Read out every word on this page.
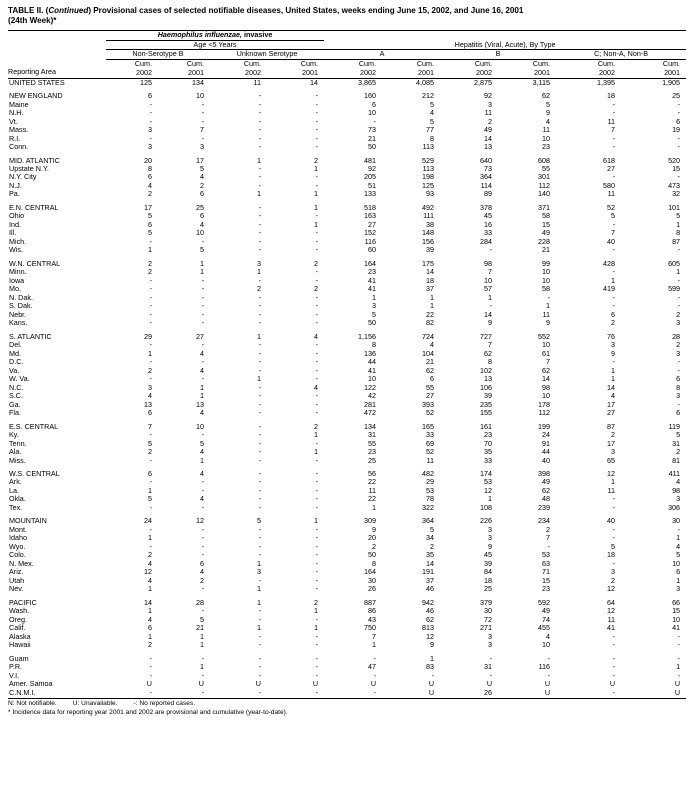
TABLE II. (Continued) Provisional cases of selected notifiable diseases, United States, weeks ending June 15, 2002, and June 16, 2001
(24th Week)*
	Haemophilus influenzae, invasive									
	Age <5 Years				Hepatitis (Viral, Acute), By Type					
	Non-Serotype B		Unknown Serotype		A		B		C; Non-A, Non-B	
	Cum.	Cum.	Cum.	Cum.	Cum.	Cum.	Cum.	Cum.	Cum.	Cum.
Reporting Area	2002	2001	2002	2001	2002	2001	2002	2001	2002	2001
UNITED STATES	125	134	11	14	3,865	4,085	2,875	3,115	1,395	1,905
NEW ENGLAND	6	10	-	-	160	212	92	62	18	25
Maine	-	-	-	-	6	5	3	5	-	-
N.H.	-	-	-	-	10	4	11	9	-	-
Vt.	-	-	-	-	-	5	2	4	11	6
Mass.	3	7	-	-	73	77	49	11	7	19
R.I.	-	-	-	-	21	8	14	10	-	-
Conn.	3	3	-	-	50	113	13	23	-	-
MID. ATLANTIC	20	17	1	2	481	529	640	608	618	520
Upstate N.Y.	8	5	-	1	92	113	73	55	27	15
N.Y. City	6	4	-	-	205	198	364	301	-	-
N.J.	4	2	-	-	51	125	114	112	580	473
Pa.	2	6	1	1	133	93	89	140	11	32
E.N. CENTRAL	17	25	-	1	518	492	378	371	52	101
Ohio	5	6	-	-	163	111	45	58	5	5
Ind.	6	4	-	1	27	38	16	15	-	1
Ill.	5	10	-	-	152	148	33	49	7	8
Mich.	-	-	-	-	116	156	284	228	40	87
Wis.	1	5	-	-	60	39	-	21	-	-
W.N. CENTRAL	2	1	3	2	164	175	98	99	428	605
Minn.	2	1	1	-	23	14	7	10	-	1
Iowa	-	-	-	-	41	18	10	10	1	-
Mo.	-	-	2	2	41	37	57	58	419	599
N. Dak.	-	-	-	-	1	1	1	-	-	-
S. Dak.	-	-	-	-	3	1	-	1	-	-
Nebr.	-	-	-	-	5	22	14	11	6	2
Kans.	-	-	-	-	50	82	9	9	2	3
S. ATLANTIC	29	27	1	4	1,156	724	727	552	76	28
Del.	-	-	-	-	8	4	7	10	3	2
Md.	1	4	-	-	136	104	62	61	9	3
D.C.	-	-	-	-	44	21	8	7	-	-
Va.	2	4	-	-	41	62	102	62	1	-
W. Va.	-	-	1	-	10	6	13	14	1	6
N.C.	3	1	-	4	122	55	106	98	14	8
S.C.	4	1	-	-	42	27	39	10	4	3
Ga.	13	13	-	-	281	393	235	178	17	-
Fla.	6	4	-	-	472	52	155	112	27	6
E.S. CENTRAL	7	10	-	2	134	165	161	199	87	119
Ky.	-	-	-	1	31	33	23	24	2	5
Tenn.	5	5	-	-	55	69	70	91	17	31
Ala.	2	4	-	1	23	52	35	44	3	2
Miss.	-	1	-	-	25	11	33	40	65	81
W.S. CENTRAL	6	4	-	-	56	482	174	398	12	411
Ark.	-	-	-	-	22	29	53	49	1	4
La.	1	-	-	-	11	53	12	62	11	98
Okla.	5	4	-	-	22	78	1	48	-	3
Tex.	-	-	-	-	1	322	108	239	-	306
MOUNTAIN	24	12	5	1	309	364	226	234	40	30
Mont.	-	-	-	-	9	5	3	2	-	-
Idaho	1	-	-	-	20	34	3	7	-	1
Wyo.	-	-	-	-	2	2	9	-	5	4
Colo.	2	-	-	-	50	35	45	53	18	5
N. Mex.	4	6	1	-	8	14	39	63	-	10
Ariz.	12	4	3	-	164	191	84	71	3	6
Utah	4	2	-	-	30	37	18	15	2	1
Nev.	1	-	1	-	26	46	25	23	12	3
PACIFIC	14	28	1	2	887	942	379	592	64	66
Wash.	1	-	-	1	86	46	30	49	12	15
Oreg.	4	5	-	-	43	62	72	74	11	10
Calif.	6	21	1	1	750	813	271	455	41	41
Alaska	1	1	-	-	7	12	3	4	-	-
Hawaii	2	1	-	-	1	9	3	10	-	-
Guam	-	-	-	-	-	1	-	-	-	-
P.R.	-	1	-	-	47	83	31	116	-	1
V.I.	-	-	-	-	-	-	-	-	-	-
Amer. Samoa	U	U	U	U	U	U	U	U	U	U
C.N.M.I.	-	-	-	-	-	U	26	U	-	U
N: Not notifiable. U: Unavailable. -: No reported cases.
* Incidence data for reporting year 2001 and 2002 are provisional and cumulative (year-to-date).
